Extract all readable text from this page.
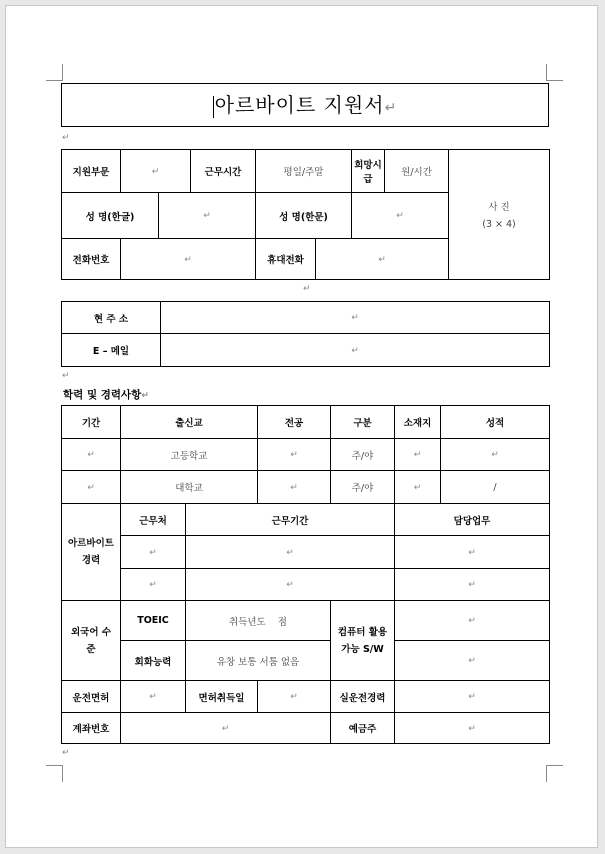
아르바이트 지원서↵
↵
지원부문	↵		근무시간	평일/주말		희망시급	원/시간	사 진
(3 × 4)

성 명(한글)		↵		성 명(한문)		↵		
전화번호	↵			휴대전화	↵			
↵
현 주 소	↵
E – 메일	↵
↵
학력 및 경력사항↵
기간	출신교		전공	구분	소재지	성적
↵	고등학교		↵	주/야	↵	↵
↵	대학교		↵	주/야	↵	/
아르바이트 경력	근무처	근무기간			담당업무	
	↵	↵			↵	
	↵	↵			↵	
외국어 수 준	TOEIC	취득년도    점		컴퓨터 활용가능 S/W	↵	
	회화능력	유창 보통 서툼 없음			↵	
운전면허	↵	면허취득일	↵	실운전경력	↵	
계좌번호	↵			예금주	↵	
↵
